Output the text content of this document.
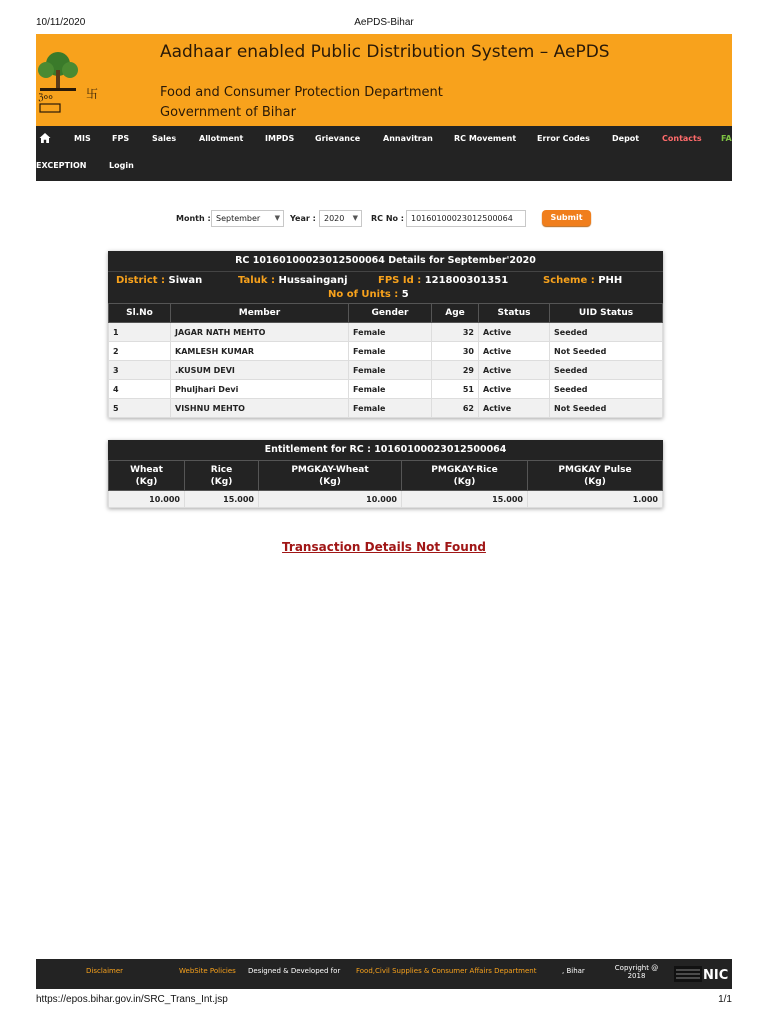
10/11/2020	AePDS-Bihar
ℨ००	卐
Aadhaar enabled Public Distribution System – AePDS
Food and Consumer Protection Department
Government of Bihar
MIS	FPS	Sales	Allotment	IMPDS	Grievance	Annavitran	RC Movement	Error Codes	Depot	Contacts FA
EXCEPTION	Login
Month : September ▼ Year :	2020 ▼ RC No : 10160100023012500064	Submit
RC 10160100023012500064 Details for September'2020
District : Siwan	Taluk : Hussainganj	FPS Id : 121800301351	Scheme : PHH
No of Units : 5
Sl.No	Member	Gender	Age	Status	UID Status
1	JAGAR NATH MEHTO	Female	32	Active	Seeded
2	KAMLESH KUMAR	Female	30	Active	Not Seeded
3	.KUSUM DEVI	Female	29	Active	Seeded
4	Phuljhari Devi	Female	51	Active	Seeded
5	VISHNU MEHTO	Female	62	Active	Not Seeded
Entitlement for RC : 10160100023012500064
Wheat
(Kg)	Rice
(Kg)	PMGKAY-Wheat
(Kg)	PMGKAY-Rice
(Kg)	PMGKAY Pulse
(Kg)
10.000	15.000	10.000	15.000	1.000
Transaction Details Not Found
Disclaimer	WebSite Policies Designed & Developed for Food,Civil Supplies & Consumer Affairs Department	, Bihar	Copyright @ 2018	NIC
https://epos.bihar.gov.in/SRC_Trans_Int.jsp	1/1
